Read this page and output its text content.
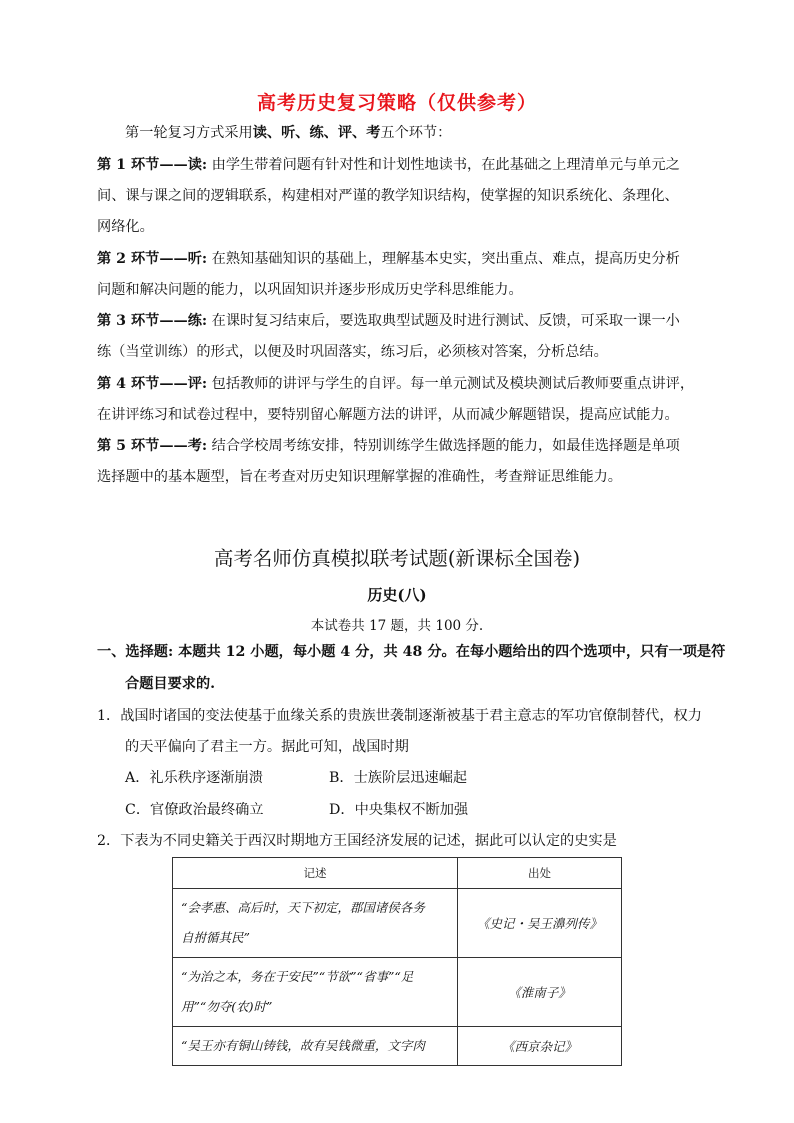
高考历史复习策略（仅供参考）
第一轮复习方式采用读、听、练、评、考五个环节：
第 1 环节——读: 由学生带着问题有针对性和计划性地读书，在此基础之上理清单元与单元之
间、课与课之间的逻辑联系，构建相对严谨的教学知识结构，使掌握的知识系统化、条理化、
网络化。
第 2 环节——听: 在熟知基础知识的基础上，理解基本史实，突出重点、难点，提高历史分析
问题和解决问题的能力，以巩固知识并逐步形成历史学科思维能力。
第 3 环节——练: 在课时复习结束后，要选取典型试题及时进行测试、反馈，可采取一课一小
练（当堂训练）的形式，以便及时巩固落实，练习后，必须核对答案，分析总结。
第 4 环节——评: 包括教师的讲评与学生的自评。每一单元测试及模块测试后教师要重点讲评，
在讲评练习和试卷过程中，要特别留心解题方法的讲评，从而减少解题错误，提高应试能力。
第 5 环节——考: 结合学校周考练安排，特别训练学生做选择题的能力，如最佳选择题是单项
选择题中的基本题型，旨在考查对历史知识理解掌握的准确性，考查辩证思维能力。
高考名师仿真模拟联考试题(新课标全国卷)
历史(八)
本试卷共 17 题，共 100 分.
一、选择题: 本题共 12 小题，每小题 4 分，共 48 分。在每小题给出的四个选项中，只有一项是符
合题目要求的.
1．战国时诸国的变法使基于血缘关系的贵族世袭制逐渐被基于君主意志的军功官僚制替代，权力
的天平偏向了君主一方。据此可知，战国时期
A．礼乐秩序逐渐崩溃	B．士族阶层迅速崛起
C．官僚政治最终确立	D．中央集权不断加强
2．下表为不同史籍关于西汉时期地方王国经济发展的记述，据此可以认定的史实是
记述	出处
“会孝惠、高后时，天下初定，郡国诸侯各务
自拊循其民”	《史记・吴王濞列传》
“为治之本，务在于安民”“节欲”“省事”“足
用”“勿夺(农)时”	《淮南子》
“吴王亦有铜山铸钱，故有吴钱微重，文字肉	《西京杂记》
